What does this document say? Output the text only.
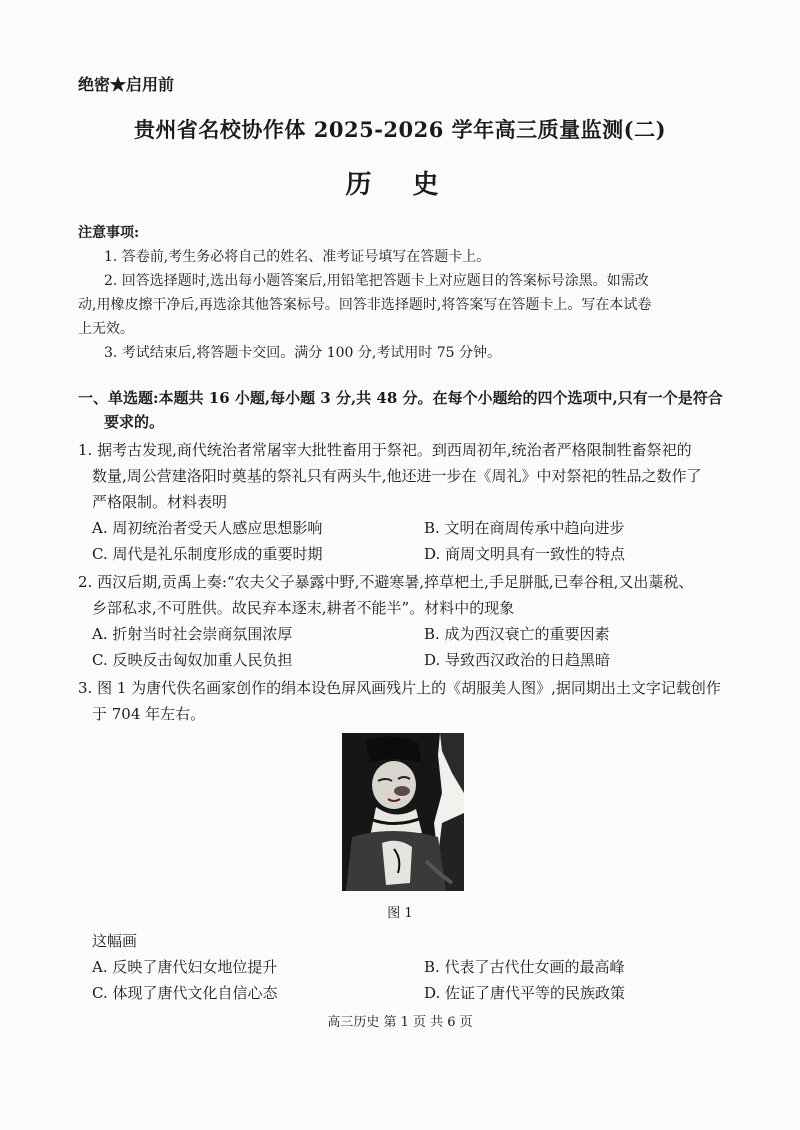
绝密★启用前
贵州省名校协作体 2025-2026 学年高三质量监测(二)
历 史
注意事项:
1. 答卷前,考生务必将自己的姓名、准考证号填写在答题卡上。
2. 回答选择题时,选出每小题答案后,用铅笔把答题卡上对应题目的答案标号涂黑。如需改
动,用橡皮擦干净后,再选涂其他答案标号。回答非选择题时,将答案写在答题卡上。写在本试卷
上无效。
3. 考试结束后,将答题卡交回。满分 100 分,考试用时 75 分钟。
一、单选题:本题共 16 小题,每小题 3 分,共 48 分。在每个小题给的四个选项中,只有一个是符合
要求的。
1. 据考古发现,商代统治者常屠宰大批牲畜用于祭祀。到西周初年,统治者严格限制牲畜祭祀的
数量,周公营建洛阳时奠基的祭礼只有两头牛,他还进一步在《周礼》中对祭祀的牲品之数作了
严格限制。材料表明
A. 周初统治者受天人感应思想影响	B. 文明在商周传承中趋向进步
C. 周代是礼乐制度形成的重要时期	D. 商周文明具有一致性的特点
2. 西汉后期,贡禹上奏:“农夫父子暴露中野,不避寒暑,捽草杷土,手足胼胝,已奉谷租,又出藁税、
乡部私求,不可胜供。故民弃本逐末,耕者不能半”。材料中的现象
A. 折射当时社会崇商氛围浓厚	B. 成为西汉衰亡的重要因素
C. 反映反击匈奴加重人民负担	D. 导致西汉政治的日趋黑暗
3. 图 1 为唐代佚名画家创作的绢本设色屏风画残片上的《胡服美人图》,据同期出土文字记载创作
于 704 年左右。
图 1
这幅画
A. 反映了唐代妇女地位提升	B. 代表了古代仕女画的最高峰
C. 体现了唐代文化自信心态	D. 佐证了唐代平等的民族政策
高三历史 第 1 页 共 6 页
